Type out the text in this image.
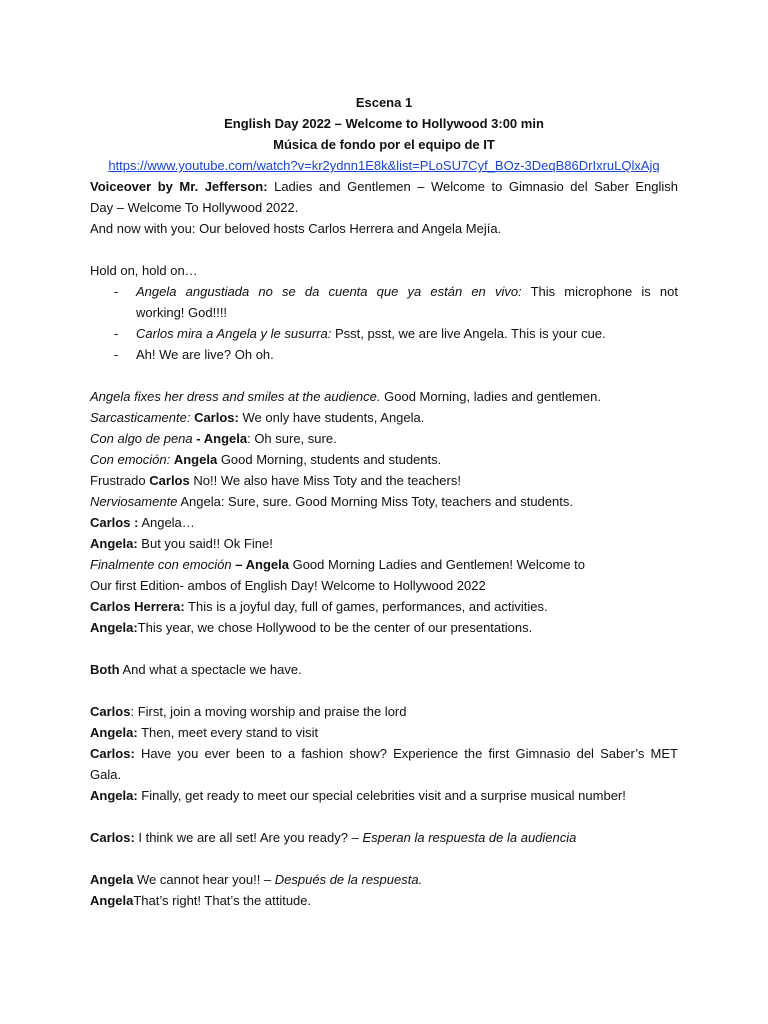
Escena 1
English Day 2022 – Welcome to Hollywood 3:00 min
Música de fondo por el equipo de IT
https://www.youtube.com/watch?v=kr2ydnn1E8k&list=PLoSU7Cyf_BOz-3DeqB86DrIxruLQlxAjq
Voiceover by Mr. Jefferson: Ladies and Gentlemen – Welcome to Gimnasio del Saber English
Day – Welcome To Hollywood 2022.
And now with you: Our beloved hosts Carlos Herrera and Angela Mejía.
Hold on, hold on…
- Angela angustiada no se da cuenta que ya están en vivo: This microphone is not
working! God!!!!
- Carlos mira a Angela y le susurra: Psst, psst, we are live Angela. This is your cue.
- Ah! We are live? Oh oh.
Angela fixes her dress and smiles at the audience. Good Morning, ladies and gentlemen.
Sarcasticamente: Carlos: We only have students, Angela.
Con algo de pena - Angela: Oh sure, sure.
Con emoción: Angela Good Morning, students and students.
Frustrado Carlos No!! We also have Miss Toty and the teachers!
Nerviosamente Angela: Sure, sure. Good Morning Miss Toty, teachers and students.
Carlos : Angela…
Angela: But you said!! Ok Fine!
Finalmente con emoción – Angela Good Morning Ladies and Gentlemen! Welcome to
Our first Edition- ambos of English Day! Welcome to Hollywood 2022
Carlos Herrera: This is a joyful day, full of games, performances, and activities.
Angela:This year, we chose Hollywood to be the center of our presentations.
Both And what a spectacle we have.
Carlos: First, join a moving worship and praise the lord
Angela: Then, meet every stand to visit
Carlos: Have you ever been to a fashion show? Experience the first Gimnasio del Saber’s MET
Gala.
Angela: Finally, get ready to meet our special celebrities visit and a surprise musical number!
Carlos: I think we are all set! Are you ready? – Esperan la respuesta de la audiencia
Angela We cannot hear you!! – Después de la respuesta.
AngelaThat’s right! That’s the attitude.
